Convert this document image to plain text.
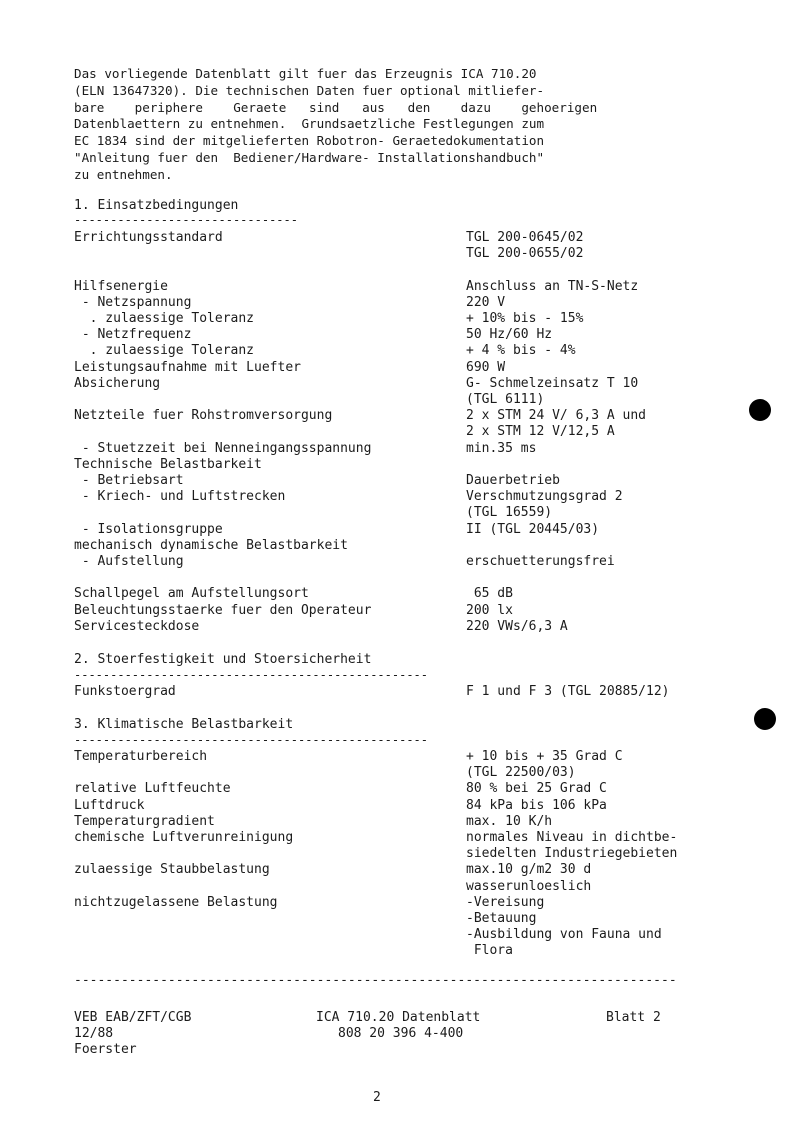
Das vorliegende Datenblatt gilt fuer das Erzeugnis ICA 710.20
(ELN 13647320). Die technischen Daten fuer optional mitliefer-
bare    periphere    Geraete   sind   aus   den    dazu    gehoerigen
Datenblaettern zu entnehmen.  Grundsaetzliche Festlegungen zum
EC 1834 sind der mitgelieferten Robotron- Geraetedokumentation
"Anleitung fuer den  Bediener/Hardware- Installationshandbuch"
zu entnehmen.
1. Einsatzbedingungen
-------------------------------
Errichtungsstandard	TGL 200-0645/02
TGL 200-0655/02

Hilfsenergie	Anschluss an TN-S-Netz
- Netzspannung	220 V
. zulaessige Toleranz	+ 10% bis - 15%
- Netzfrequenz	50 Hz/60 Hz
. zulaessige Toleranz	+ 4 % bis - 4%
Leistungsaufnahme mit Luefter	690 W
Absicherung	G- Schmelzeinsatz T 10
(TGL 6111)
Netzteile fuer Rohstromversorgung	2 x STM 24 V/ 6,3 A und
2 x STM 12 V/12,5 A
- Stuetzzeit bei Nenneingangsspannung	min.35 ms
Technische Belastbarkeit
- Betriebsart	Dauerbetrieb
- Kriech- und Luftstrecken	Verschmutzungsgrad 2
(TGL 16559)
- Isolationsgruppe	II (TGL 20445/03)
mechanisch dynamische Belastbarkeit
- Aufstellung	erschuetterungsfrei

Schallpegel am Aufstellungsort	65 dB
Beleuchtungsstaerke fuer den Operateur	200 lx
Servicesteckdose	220 VWs/6,3 A
2. Stoerfestigkeit und Stoersicherheit
-------------------------------------------------
Funkstoergrad	F 1 und F 3 (TGL 20885/12)
3. Klimatische Belastbarkeit
-------------------------------------------------
Temperaturbereich	+ 10 bis + 35 Grad C
(TGL 22500/03)
relative Luftfeuchte	80 % bei 25 Grad C
Luftdruck	84 kPa bis 106 kPa
Temperaturgradient	max. 10 K/h
chemische Luftverunreinigung	normales Niveau in dichtbe-
siedelten Industriegebieten
zulaessige Staubbelastung	max.10 g/m2 30 d
wasserunloeslich
nichtzugelassene Belastung	-Vereisung
-Betauung
-Ausbildung von Fauna und
Flora
-----------------------------------------------------------------------------
VEB EAB/ZFT/CGB
12/88
Foerster
ICA 710.20 Datenblatt
808 20 396 4-400
Blatt 2
2
